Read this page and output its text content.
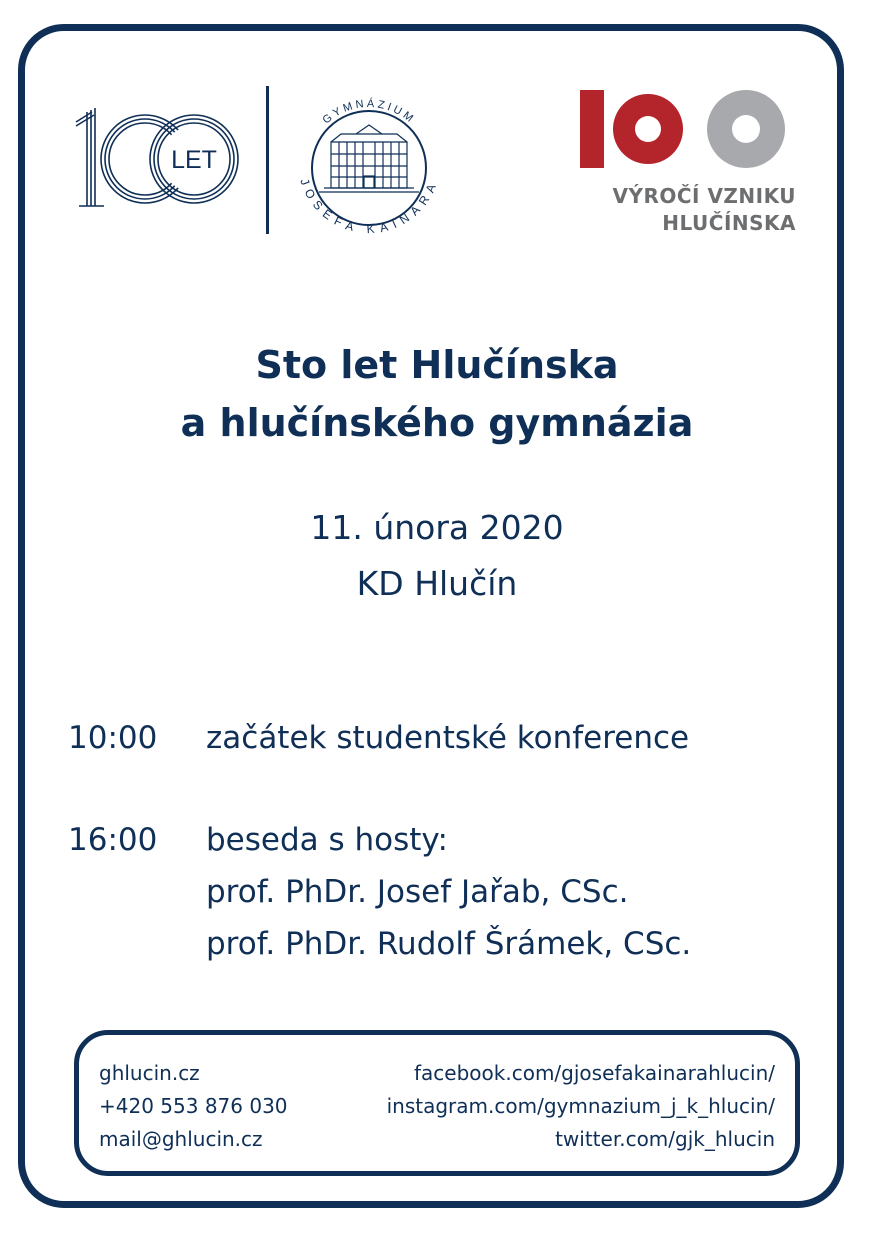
LET
GYMNÁZIUM
JOSEFA KAINARA	VÝROČÍ VZNIKU
HLUČÍNSKA
Sto let Hlučínska
a hlučínského gymnázia
11. února 2020
KD Hlučín
10:00	začátek studentské konference
16:00	beseda s hosty:
prof. PhDr. Josef Jařab, CSc.
prof. PhDr. Rudolf Šrámek, CSc.
ghlucin.cz
+420 553 876 030
mail@ghlucin.cz
facebook.com/gjosefakainarahlucin/
instagram.com/gymnazium_j_k_hlucin/
twitter.com/gjk_hlucin
